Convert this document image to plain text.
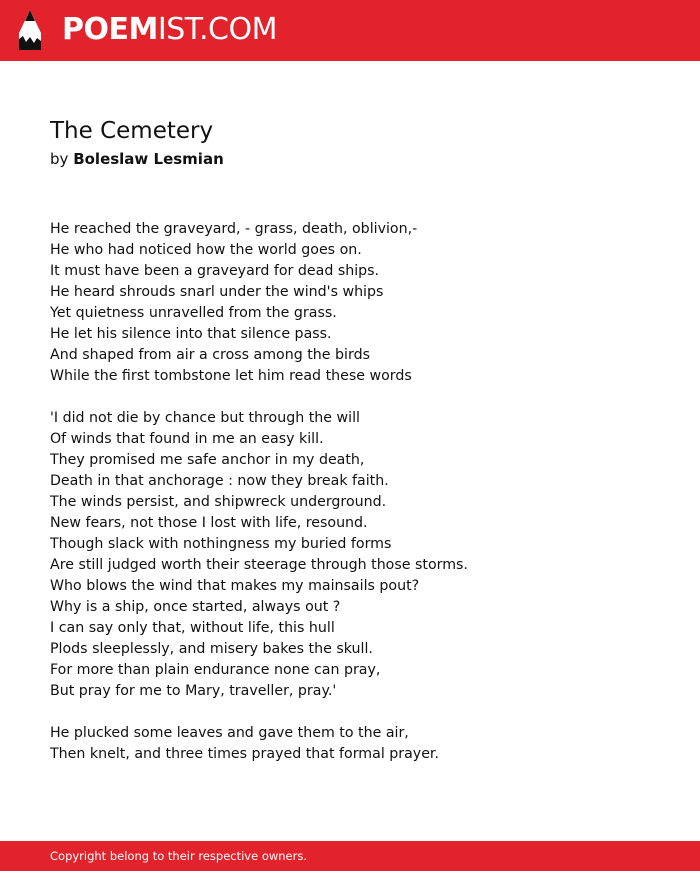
POEMIST.COM
The Cemetery
by Boleslaw Lesmian
He reached the graveyard, - grass, death, oblivion,-
He who had noticed how the world goes on.
It must have been a graveyard for dead ships.
He heard shrouds snarl under the wind's whips
Yet quietness unravelled from the grass.
He let his silence into that silence pass.
And shaped from air a cross among the birds
While the first tombstone let him read these words
'I did not die by chance but through the will
Of winds that found in me an easy kill.
They promised me safe anchor in my death,
Death in that anchorage : now they break faith.
The winds persist, and shipwreck underground.
New fears, not those I lost with life, resound.
Though slack with nothingness my buried forms
Are still judged worth their steerage through those storms.
Who blows the wind that makes my mainsails pout?
Why is a ship, once started, always out ?
I can say only that, without life, this hull
Plods sleeplessly, and misery bakes the skull.
For more than plain endurance none can pray,
But pray for me to Mary, traveller, pray.'
He plucked some leaves and gave them to the air,
Then knelt, and three times prayed that formal prayer.
Copyright belong to their respective owners.
